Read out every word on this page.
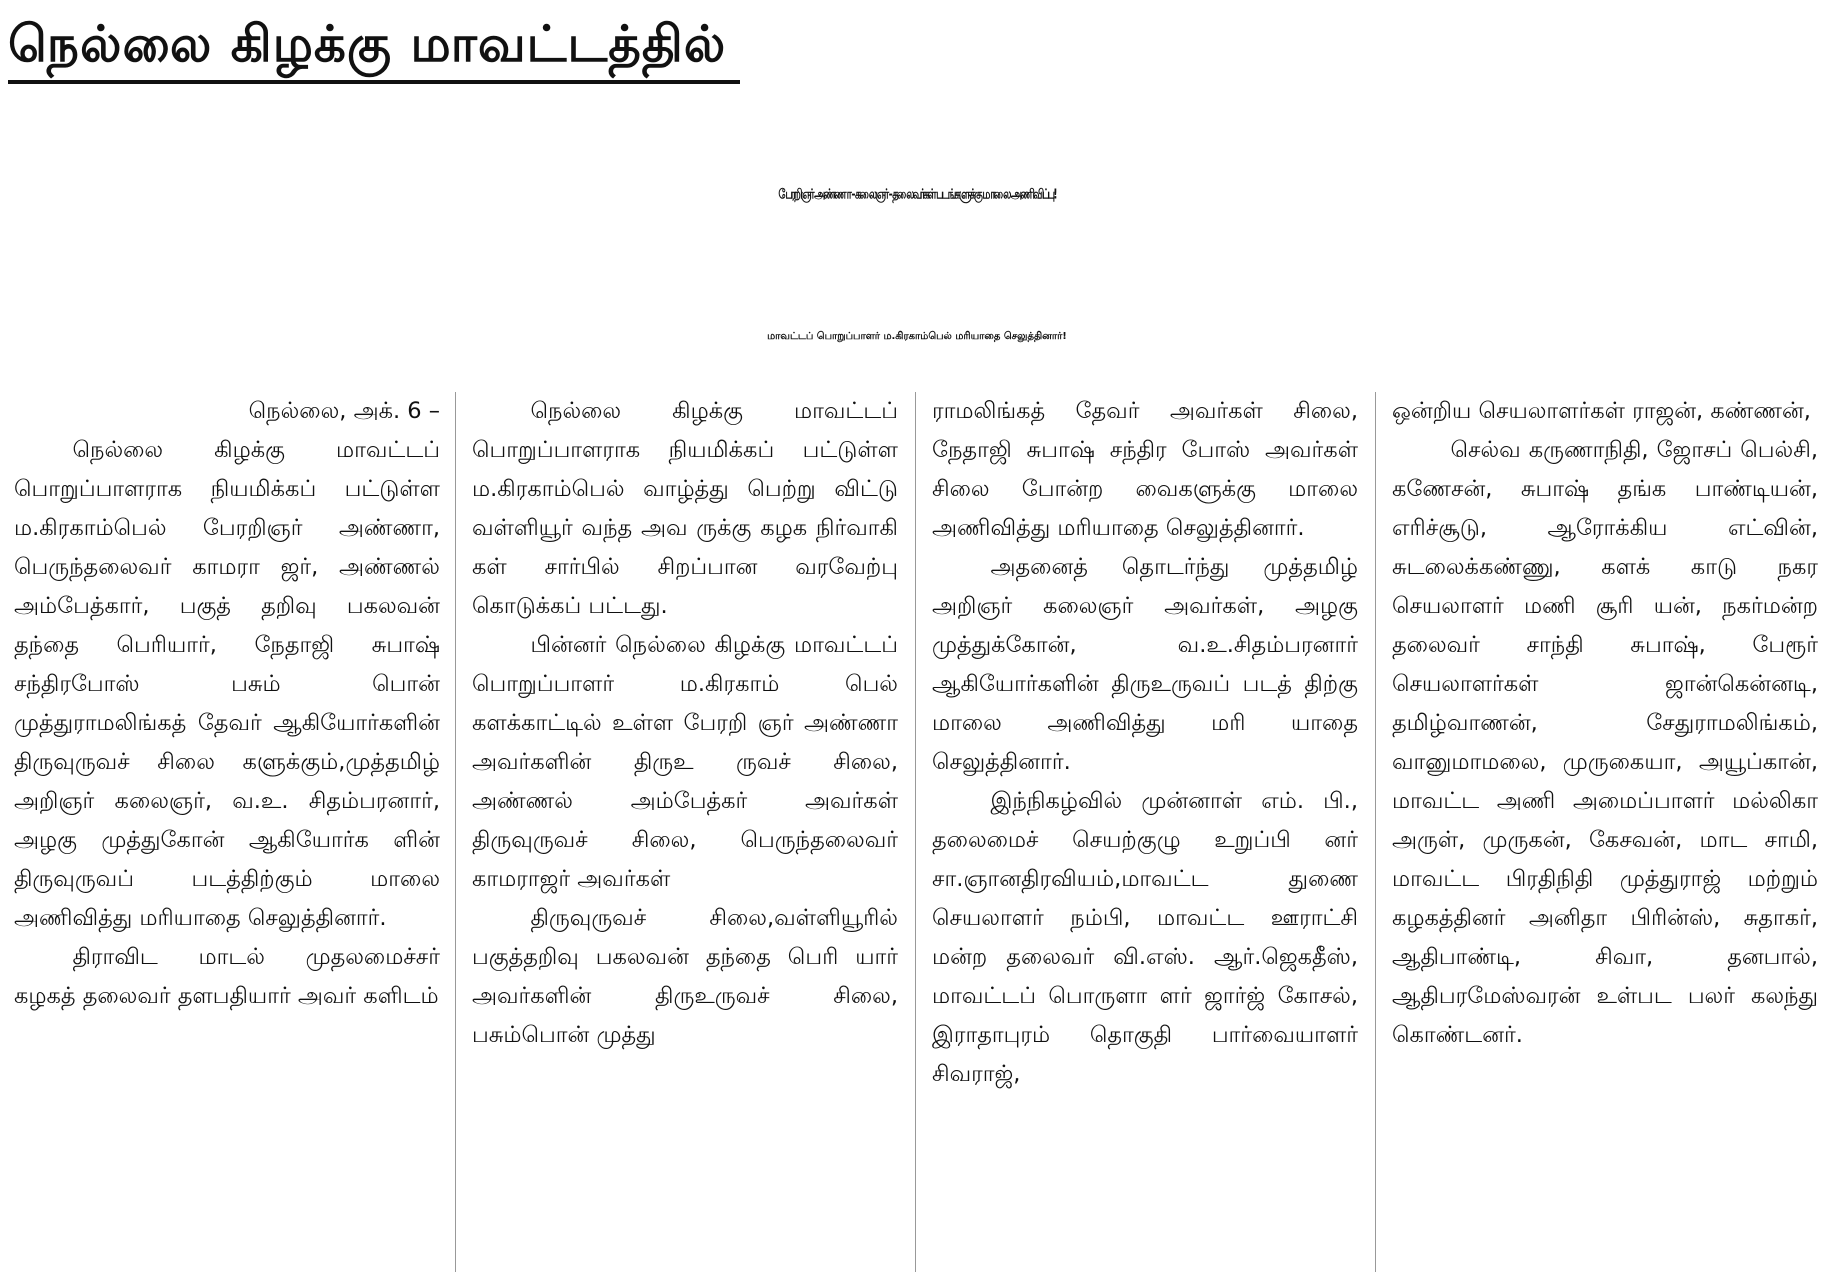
நெல்லை கிழக்கு மாவட்டத்தில்
பேரறிஞர் அண்ணா - கலைஞர் - தலைவர்கள் படங்களுக்கு மாலை அணிவிப்பு!
மாவட்டப் பொறுப்பாளர் ம.கிரகாம்பெல் மரியாதை செலுத்தினார்!

நெல்லை, அக். 6 –

நெல்லை கிழக்கு மாவட்டப் பொறுப்பாளராக நியமிக்கப் பட்டுள்ள ம.கிரகாம்பெல் பேரறிஞர் அண்ணா, பெருந்தலைவர் காமரா ஜர், அண்ணல் அம்பேத்கார், பகுத் தறிவு பகலவன் தந்தை பெரியார், நேதாஜி சுபாஷ் சந்திரபோஸ் பசும் பொன் முத்துராமலிங்கத் தேவர் ஆகியோர்களின் திருவுருவச் சிலை களுக்கும்,முத்தமிழ் அறிஞர் கலைஞர், வ.உ. சிதம்பரனார், அழகு முத்துகோன் ஆகியோர்க ளின் திருவுருவப் படத்திற்கும் மாலை அணிவித்து மரியாதை செலுத்தினார்.

திராவிட மாடல் முதலமைச்சர் கழகத் தலைவர் தளபதியார் அவர் களிடம்

நெல்லை கிழக்கு மாவட்டப் பொறுப்பாளராக நியமிக்கப் பட்டுள்ள ம.கிரகாம்பெல் வாழ்த்து பெற்று விட்டு வள்ளியூர் வந்த அவ ருக்கு கழக நிர்வாகி கள் சார்பில் சிறப்பான வரவேற்பு கொடுக்கப் பட்டது.

பின்னர் நெல்லை கிழக்கு மாவட்டப் பொறுப்பாளர் ம.கிரகாம் பெல் களக்காட்டில் உள்ள பேரறி ஞர் அண்ணா அவர்களின் திருஉ ருவச் சிலை, அண்ணல் அம்பேத்கர் அவர்கள் திருவுருவச் சிலை, பெருந்தலைவர் காமராஜர் அவர்கள்

திருவுருவச் சிலை,வள்ளியூரில் பகுத்தறிவு பகலவன் தந்தை பெரி யார் அவர்களின் திருஉருவச் சிலை, பசும்பொன் முத்து

ராமலிங்கத் தேவர் அவர்கள் சிலை, நேதாஜி சுபாஷ் சந்திர போஸ் அவர்கள் சிலை போன்ற வைகளுக்கு மாலை அணிவித்து மரியாதை செலுத்தினார்.

அதனைத் தொடர்ந்து முத்தமிழ் அறிஞர் கலைஞர் அவர்கள், அழகு முத்துக்கோன், வ.உ.சிதம்பரனார் ஆகியோர்களின் திருஉருவப் படத் திற்கு மாலை அணிவித்து மரி யாதை செலுத்தினார்.

இந்நிகழ்வில் முன்னாள் எம். பி., தலைமைச் செயற்குழு உறுப்பி னர் சா.ஞானதிரவியம்,மாவட்ட துணை செயலாளர் நம்பி, மாவட்ட ஊராட்சி மன்ற தலைவர் வி.எஸ். ஆர்.ஜெகதீஸ், மாவட்டப் பொருளா ளர் ஜார்ஜ் கோசல், இராதாபுரம் தொகுதி பார்வையாளர் சிவராஜ்,

ஒன்றிய செயலாளர்கள் ராஜன், கண்ணன்,

செல்வ கருணாநிதி, ஜோசப் பெல்சி, கணேசன், சுபாஷ் தங்க பாண்டியன், எரிச்சூடு, ஆரோக்கிய எட்வின், சுடலைக்கண்ணு, களக் காடு நகர செயலாளர் மணி சூரி யன், நகர்மன்ற தலைவர் சாந்தி சுபாஷ், பேரூர் செயலாளர்கள் ஜான்கென்னடி, தமிழ்வாணன், சேதுராமலிங்கம், வானுமாமலை, முருகையா, அயூப்கான், மாவட்ட அணி அமைப்பாளர் மல்லிகா அருள், முருகன், கேசவன், மாட சாமி, மாவட்ட பிரதிநிதி முத்துராஜ் மற்றும் கழகத்தினர் அனிதா பிரின்ஸ், சுதாகர், ஆதிபாண்டி, சிவா, தனபால், ஆதிபரமேஸ்வரன் உள்பட பலர் கலந்து கொண்டனர்.
